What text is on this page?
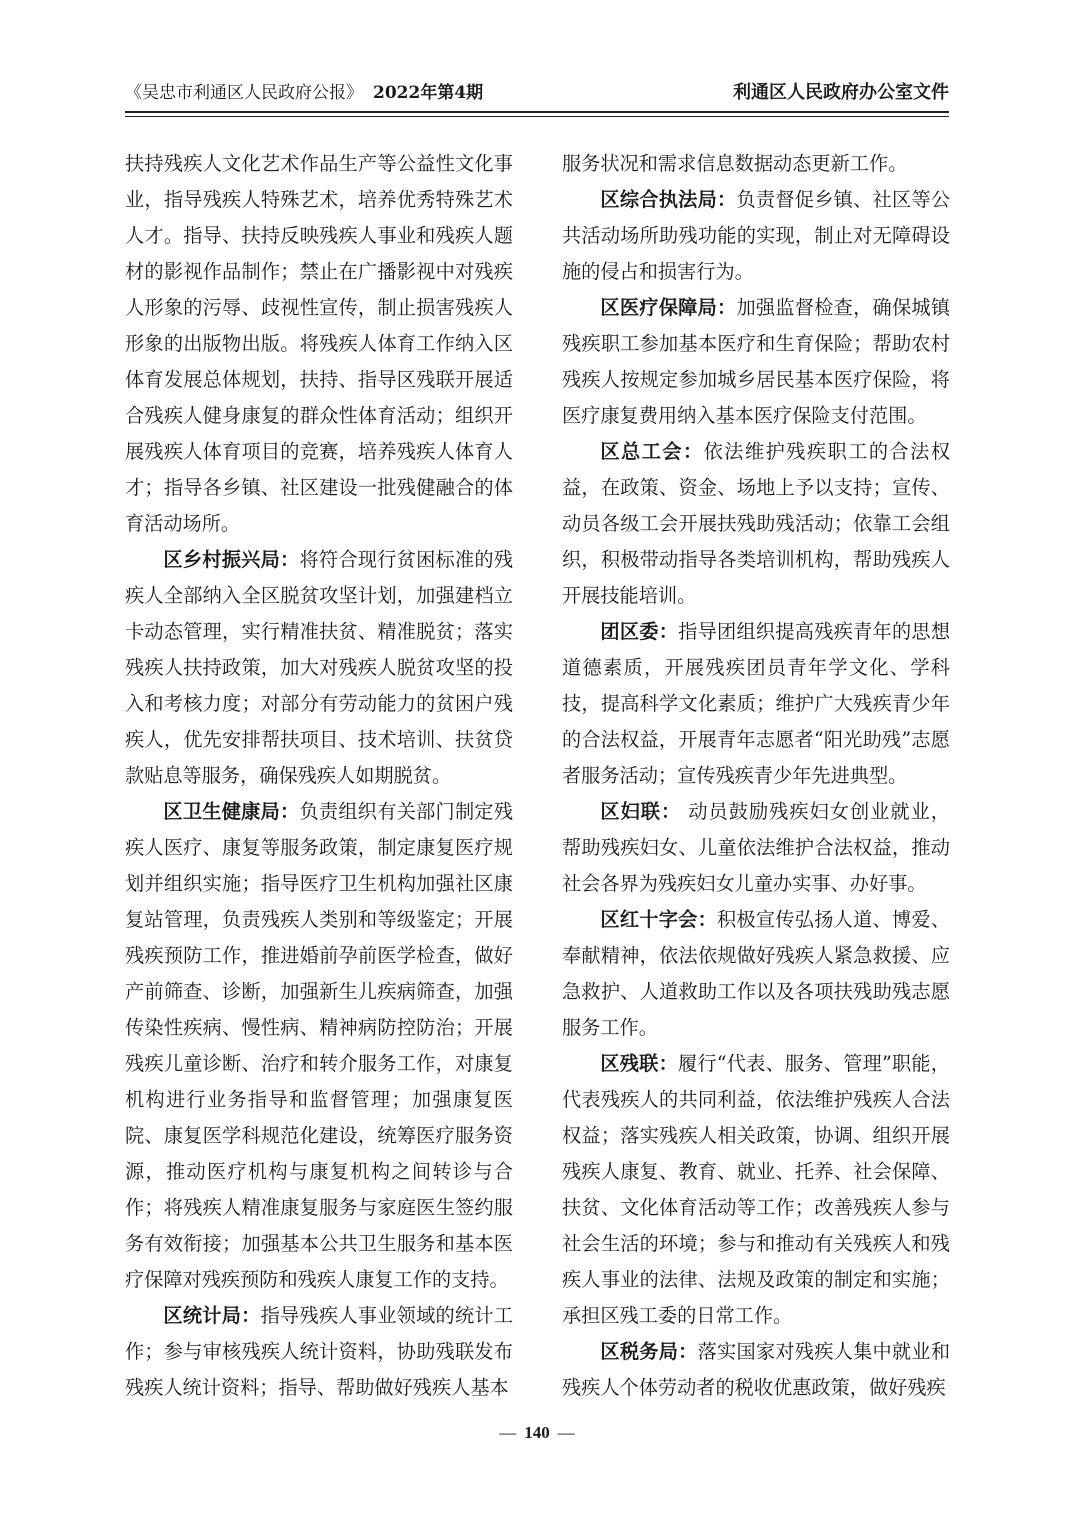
《吴忠市利通区人民政府公报》 2022年第4期	利通区人民政府办公室文件

扶持残疾人文化艺术作品生产等公益性文化事业，指导残疾人特殊艺术，培养优秀特殊艺术人才。指导、扶持反映残疾人事业和残疾人题材的影视作品制作；禁止在广播影视中对残疾人形象的污辱、歧视性宣传，制止损害残疾人形象的出版物出版。将残疾人体育工作纳入区体育发展总体规划，扶持、指导区残联开展适合残疾人健身康复的群众性体育活动；组织开展残疾人体育项目的竞赛，培养残疾人体育人才；指导各乡镇、社区建设一批残健融合的体育活动场所。

区乡村振兴局：将符合现行贫困标准的残疾人全部纳入全区脱贫攻坚计划，加强建档立卡动态管理，实行精准扶贫、精准脱贫；落实残疾人扶持政策，加大对残疾人脱贫攻坚的投入和考核力度；对部分有劳动能力的贫困户残疾人，优先安排帮扶项目、技术培训、扶贫贷款贴息等服务，确保残疾人如期脱贫。

区卫生健康局：负责组织有关部门制定残疾人医疗、康复等服务政策，制定康复医疗规划并组织实施；指导医疗卫生机构加强社区康复站管理，负责残疾人类别和等级鉴定；开展残疾预防工作，推进婚前孕前医学检查，做好产前筛查、诊断，加强新生儿疾病筛查，加强传染性疾病、慢性病、精神病防控防治；开展残疾儿童诊断、治疗和转介服务工作，对康复机构进行业务指导和监督管理；加强康复医院、康复医学科规范化建设，统筹医疗服务资源，推动医疗机构与康复机构之间转诊与合作；将残疾人精准康复服务与家庭医生签约服务有效衔接；加强基本公共卫生服务和基本医疗保障对残疾预防和残疾人康复工作的支持。

区统计局：指导残疾人事业领域的统计工作；参与审核残疾人统计资料，协助残联发布残疾人统计资料；指导、帮助做好残疾人基本

服务状况和需求信息数据动态更新工作。

区综合执法局：负责督促乡镇、社区等公共活动场所助残功能的实现，制止对无障碍设施的侵占和损害行为。

区医疗保障局：加强监督检查，确保城镇残疾职工参加基本医疗和生育保险；帮助农村残疾人按规定参加城乡居民基本医疗保险，将医疗康复费用纳入基本医疗保险支付范围。

区总工会：依法维护残疾职工的合法权益，在政策、资金、场地上予以支持；宣传、动员各级工会开展扶残助残活动；依靠工会组织，积极带动指导各类培训机构，帮助残疾人开展技能培训。

团区委：指导团组织提高残疾青年的思想道德素质，开展残疾团员青年学文化、学科技，提高科学文化素质；维护广大残疾青少年的合法权益，开展青年志愿者“阳光助残”志愿者服务活动；宣传残疾青少年先进典型。

区妇联： 动员鼓励残疾妇女创业就业，帮助残疾妇女、儿童依法维护合法权益，推动社会各界为残疾妇女儿童办实事、办好事。

区红十字会：积极宣传弘扬人道、博爱、奉献精神，依法依规做好残疾人紧急救援、应急救护、人道救助工作以及各项扶残助残志愿服务工作。

区残联：履行“代表、服务、管理”职能，代表残疾人的共同利益，依法维护残疾人合法权益；落实残疾人相关政策，协调、组织开展残疾人康复、教育、就业、托养、社会保障、扶贫、文化体育活动等工作；改善残疾人参与社会生活的环境；参与和推动有关残疾人和残疾人事业的法律、法规及政策的制定和实施；承担区残工委的日常工作。

区税务局：落实国家对残疾人集中就业和残疾人个体劳动者的税收优惠政策，做好残疾

— 140 —
